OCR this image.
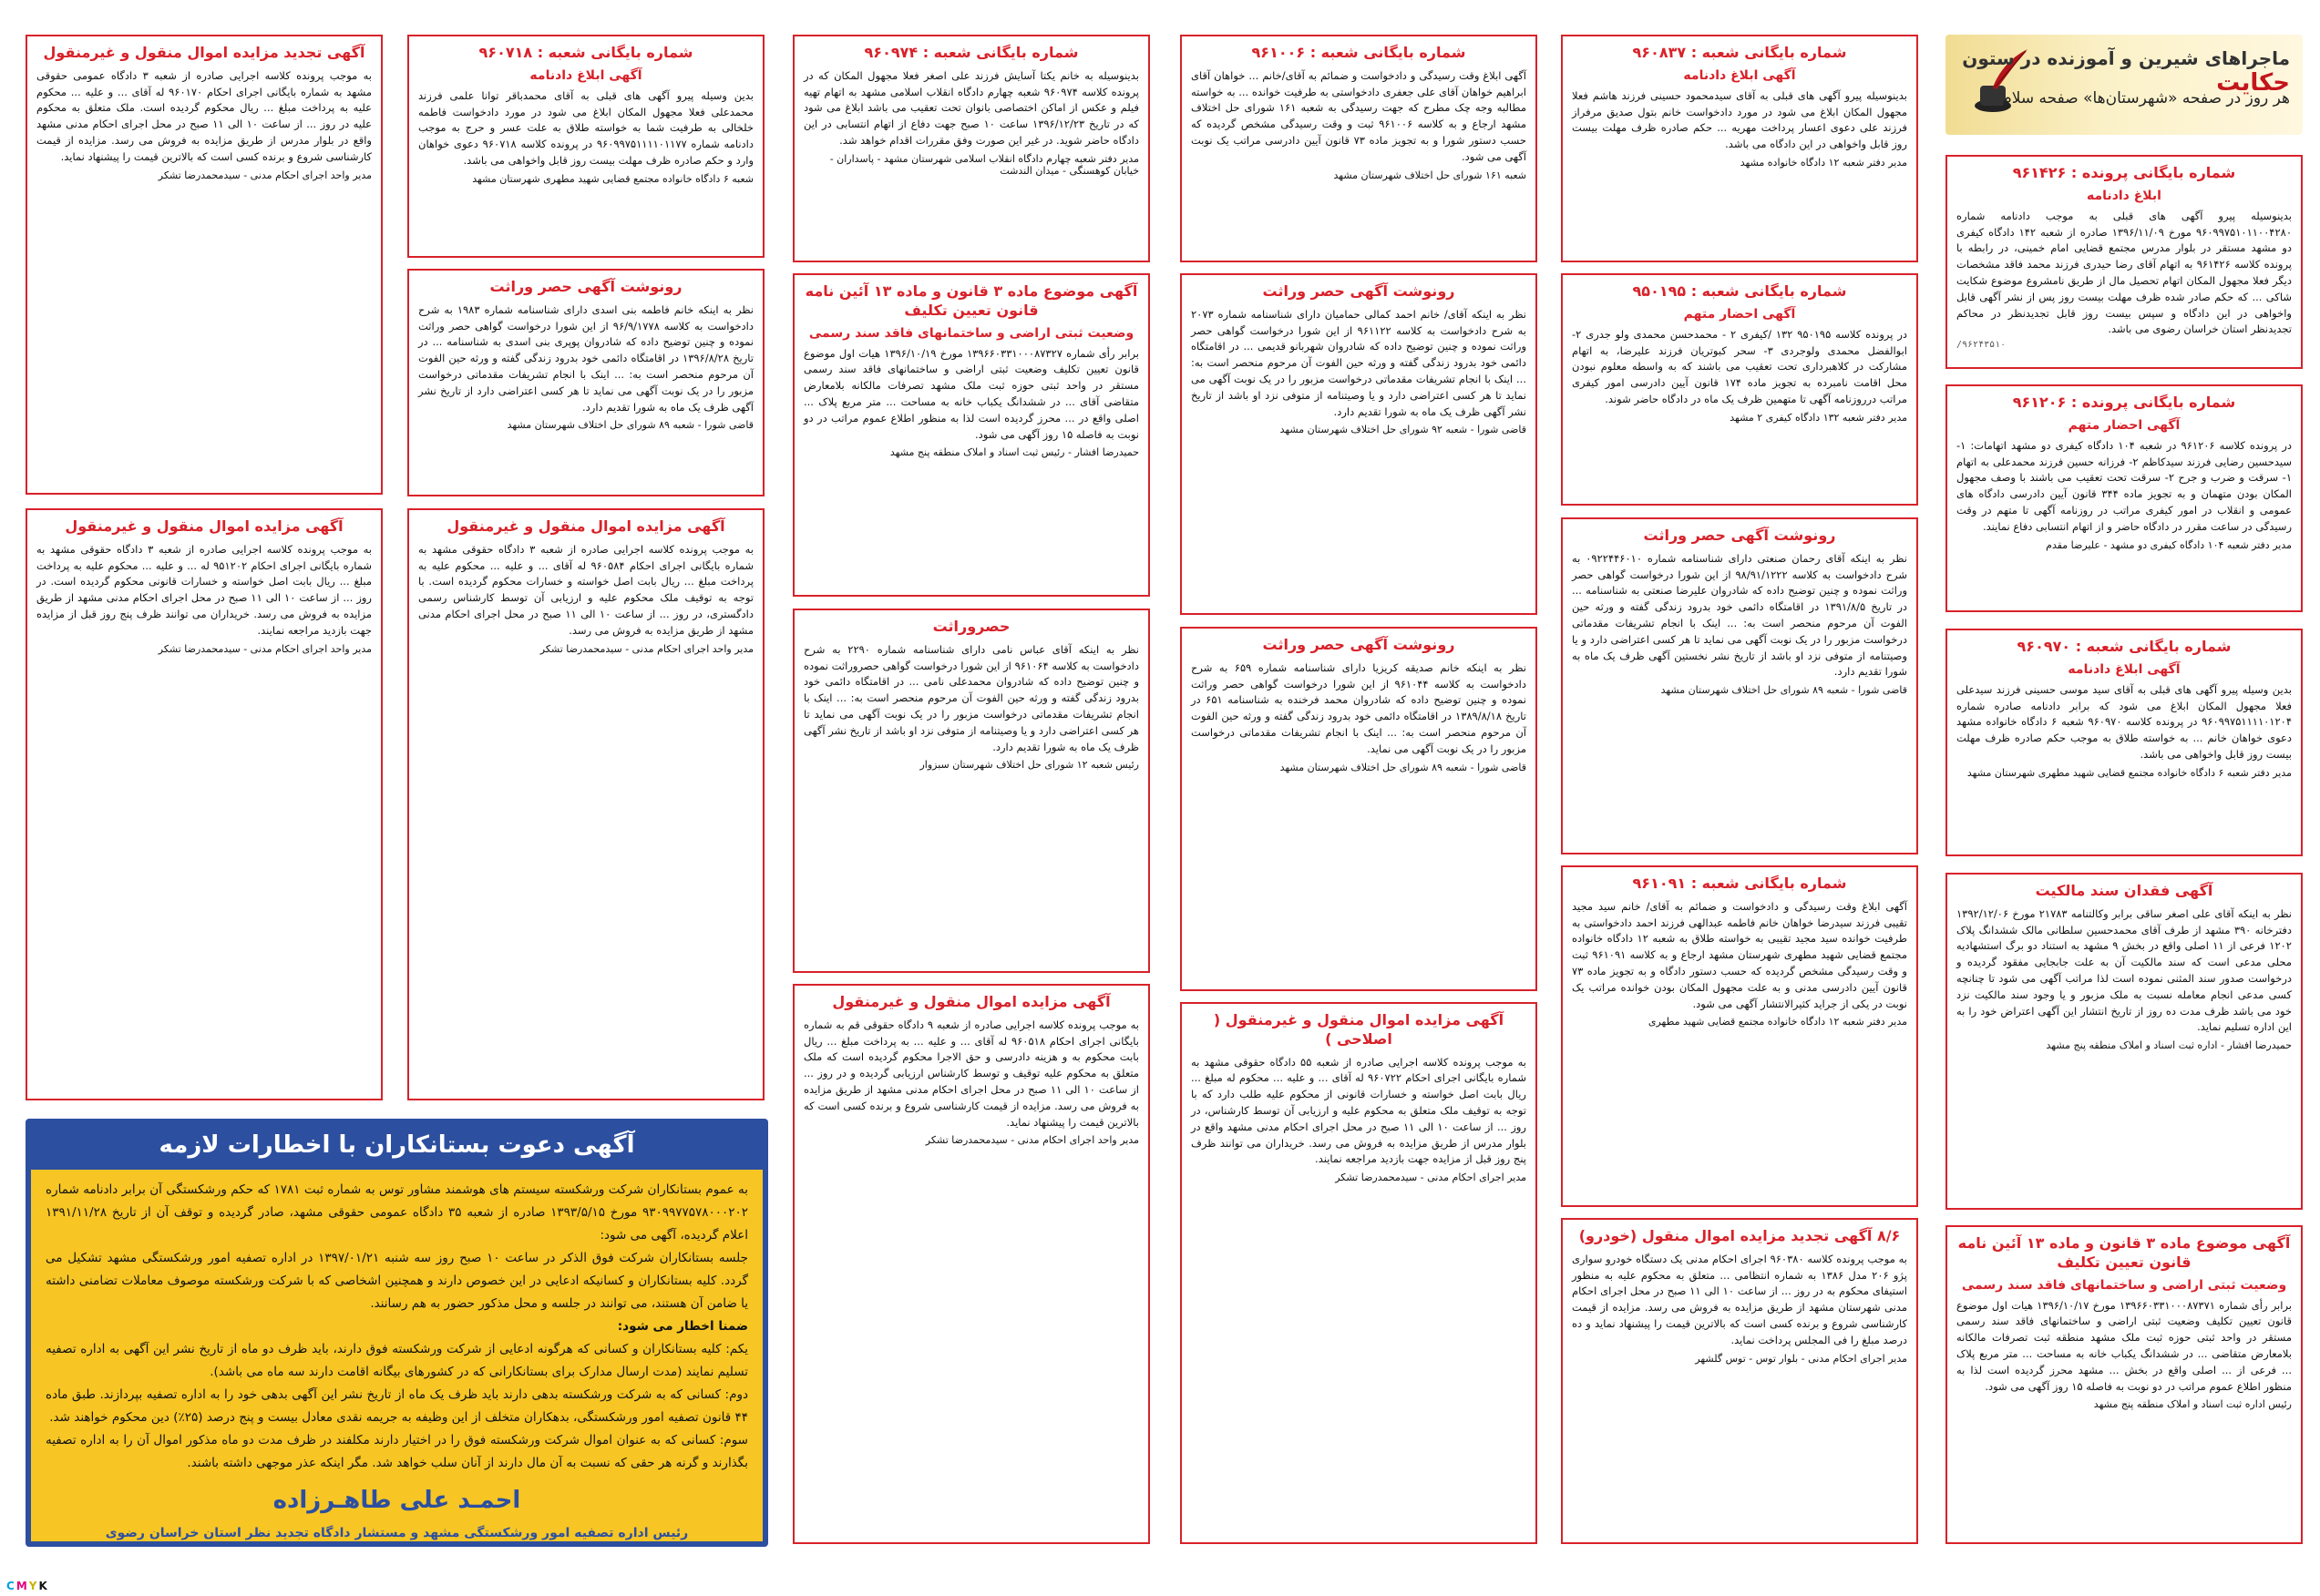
ماجراهای شیرین و آموزنده در ستون حکایت
هر روز در صفحه «شهرستان‌ها» صفحه سلام
شماره بایگانی پرونده : ۹۶۱۴۲۶
ابلاغ دادنامه
بدینوسیله پیرو آگهی های قبلی به موجب دادنامه شماره ۹۶۰۹۹۷۵۱۰۱۱۰۰۴۲۸۰ مورخ ۱۳۹۶/۱۱/۰۹ صادره از شعبه ۱۴۲ دادگاه کیفری دو مشهد مستقر در بلوار مدرس مجتمع قضایی امام خمینی، در رابطه با پرونده کلاسه ۹۶۱۴۲۶ به اتهام آقای رضا حیدری فرزند محمد فاقد مشخصات دیگر فعلا مجهول المکان اتهام تحصیل مال از طریق نامشروع موضوع شکایت شاکی ... که حکم صادر شده ظرف مهلت بیست روز پس از نشر آگهی قابل واخواهی در این دادگاه و سپس بیست روز قابل تجدیدنظر در محاکم تجدیدنظر استان خراسان رضوی می باشد.
/۹۶۲۴۳۵۱۰
شماره بایگانی پرونده : ۹۶۱۲۰۶
آگهی احضار متهم
در پرونده کلاسه ۹۶۱۲۰۶ در شعبه ۱۰۴ دادگاه کیفری دو مشهد اتهامات: ۱- سیدحسین رضایی فرزند سیدکاظم ۲- فرزانه حسین فرزند محمدعلی به اتهام ۱- سرقت و ضرب و جرح ۲- سرقت تحت تعقیب می باشند با وصف مجهول المکان بودن متهمان و به تجویز ماده ۳۴۴ قانون آیین دادرسی دادگاه های عمومی و انقلاب در امور کیفری مراتب در روزنامه آگهی تا متهم در وقت رسیدگی در ساعت مقرر در دادگاه حاضر و از اتهام انتسابی دفاع نمایند.
مدیر دفتر شعبه ۱۰۴ دادگاه کیفری دو مشهد - علیرضا مقدم
شماره بایگانی شعبه : ۹۶۰۹۷۰
آگهی ابلاغ دادنامه
بدین وسیله پیرو آگهی های قبلی به آقای سید موسی حسینی فرزند سیدعلی فعلا مجهول المکان ابلاغ می شود که برابر دادنامه صادره شماره ۹۶۰۹۹۷۵۱۱۱۱۰۱۲۰۴ در پرونده کلاسه ۹۶۰۹۷۰ شعبه ۶ دادگاه خانواده مشهد دعوی خواهان خانم ... به خواسته طلاق به موجب حکم صادره ظرف مهلت بیست روز قابل واخواهی می باشد.
مدیر دفتر شعبه ۶ دادگاه خانواده مجتمع قضایی شهید مطهری شهرستان مشهد
آگهی فقدان سند مالکیت
نظر به اینکه آقای علی اصغر ساقی برابر وکالتنامه ۲۱۷۸۳ مورخ ۱۳۹۲/۱۲/۰۶ دفترخانه ۳۹۰ مشهد از طرف آقای محمدحسین سلطانی مالک ششدانگ پلاک ۱۲۰۲ فرعی از ۱۱ اصلی واقع در بخش ۹ مشهد به استناد دو برگ استشهادیه محلی مدعی است که سند مالکیت آن به علت جابجایی مفقود گردیده و درخواست صدور سند المثنی نموده است لذا مراتب آگهی می شود تا چنانچه کسی مدعی انجام معامله نسبت به ملک مزبور و یا وجود سند مالکیت نزد خود می باشد ظرف مدت ده روز از تاریخ انتشار این آگهی اعتراض خود را به این اداره تسلیم نماید.
حمیدرضا افشار - اداره ثبت اسناد و املاک منطقه پنج مشهد
آگهی موضوع ماده ۳ قانون و ماده ۱۳ آئین نامه قانون تعیین تکلیف
وضعیت ثبتی اراضی و ساختمانهای فاقد سند رسمی
برابر رأی شماره ۱۳۹۶۶۰۳۳۱۰۰۰۸۷۳۷۱ مورخ ۱۳۹۶/۱۰/۱۷ هیات اول موضوع قانون تعیین تکلیف وضعیت ثبتی اراضی و ساختمانهای فاقد سند رسمی مستقر در واحد ثبتی حوزه ثبت ملک مشهد منطقه ثبت تصرفات مالکانه بلامعارض متقاضی ... در ششدانگ یکباب خانه به مساحت ... متر مربع پلاک ... فرعی از ... اصلی واقع در بخش ... مشهد محرز گردیده است لذا به منظور اطلاع عموم مراتب در دو نوبت به فاصله ۱۵ روز آگهی می شود.
رئیس اداره ثبت اسناد و املاک منطقه پنج مشهد
شماره بایگانی شعبه : ۹۶۰۸۳۷
آگهی ابلاغ دادنامه
بدینوسیله پیرو آگهی های قبلی به آقای سیدمحمود حسینی فرزند هاشم فعلا مجهول المکان ابلاغ می شود در مورد دادخواست خانم بتول صدیق مرفراز فرزند علی دعوی اعسار پرداخت مهریه ... حکم صادره ظرف مهلت بیست روز قابل واخواهی در این دادگاه می باشد.
مدیر دفتر شعبه ۱۲ دادگاه خانواده مشهد
شماره بایگانی شعبه : ۹۵۰۱۹۵
آگهی احضار متهم
در پرونده کلاسه ۹۵۰۱۹۵ ۱۳۲ /کیفری ۲ - محمدحسن محمدی ولو جدری ۲- ابوالفضل محمدی ولوجردی ۳- سحر کبوتریان فرزند علیرضا، به اتهام مشارکت در کلاهبرداری تحت تعقیب می باشند که به واسطه معلوم نبودن محل اقامت نامبرده به تجویز ماده ۱۷۴ قانون آیین دادرسی امور کیفری مراتب درروزنامه آگهی تا متهمین ظرف یک ماه در دادگاه حاضر شوند.
مدیر دفتر شعبه ۱۳۲ دادگاه کیفری ۲ مشهد
رونوشت آگهی حصر وراثت
نظر به اینکه آقای رحمان صنعتی دارای شناسنامه شماره ۰۹۲۲۴۴۶۰۱۰ به شرح دادخواست به کلاسه ۹۸/۹۱/۱۲۲۲ از این شورا درخواست گواهی حصر وراثت نموده و چنین توضیح داده که شادروان علیرضا صنعتی به شناسنامه ... در تاریخ ۱۳۹۱/۸/۵ در اقامتگاه دائمی خود بدرود زندگی گفته و ورثه حین الفوت آن مرحوم منحصر است به: ... اینک با انجام تشریفات مقدماتی درخواست مزبور را در یک نوبت آگهی می نماید تا هر کسی اعتراضی دارد و یا وصیتنامه از متوفی نزد او باشد از تاریخ نشر نخستین آگهی ظرف یک ماه به شورا تقدیم دارد.
قاضی شورا - شعبه ۸۹ شورای حل اختلاف شهرستان مشهد
شماره بایگانی شعبه : ۹۶۱۰۹۱
آگهی ابلاغ وقت رسیدگی و دادخواست و ضمائم به آقای/ خانم سید مجید تقیبی فرزند سیدرضا خواهان خانم فاطمه عبدالهی فرزند احمد دادخواستی به طرفیت خوانده سید مجید تقیبی به خواسته طلاق به شعبه ۱۲ دادگاه خانواده مجتمع قضایی شهید مطهری شهرستان مشهد ارجاع و به کلاسه ۹۶۱۰۹۱ ثبت و وقت رسیدگی مشخص گردیده که حسب دستور دادگاه و به تجویز ماده ۷۳ قانون آیین دادرسی مدنی و به علت مجهول المکان بودن خوانده مراتب یک نوبت در یکی از جراید کثیرالانتشار آگهی می شود.
مدیر دفتر شعبه ۱۲ دادگاه خانواده مجتمع قضایی شهید مطهری
۸/۶ آگهی تجدید مزایده اموال منقول (خودرو)
به موجب پرونده کلاسه ۹۶۰۳۸۰ اجرای احکام مدنی یک دستگاه خودرو سواری پژو ۲۰۶ مدل ۱۳۸۶ به شماره انتظامی ... متعلق به محکوم علیه به منظور استیفای محکوم به در روز ... از ساعت ۱۰ الی ۱۱ صبح در محل اجرای احکام مدنی شهرستان مشهد از طریق مزایده به فروش می رسد. مزایده از قیمت کارشناسی شروع و برنده کسی است که بالاترین قیمت را پیشنهاد نماید و ده درصد مبلغ را فی المجلس پرداخت نماید.
مدیر اجرای احکام مدنی - بلوار توس - توس گلشهر
شماره بایگانی شعبه : ۹۶۱۰۰۶
آگهی ابلاغ وقت رسیدگی و دادخواست و ضمائم به آقای/خانم ... خواهان آقای ابراهیم خواهان آقای علی جعفری دادخواستی به طرفیت خوانده ... به خواسته مطالبه وجه چک مطرح که جهت رسیدگی به شعبه ۱۶۱ شورای حل اختلاف مشهد ارجاع و به کلاسه ۹۶۱۰۰۶ ثبت و وقت رسیدگی مشخص گردیده که حسب دستور شورا و به تجویز ماده ۷۳ قانون آیین دادرسی مراتب یک نوبت آگهی می شود.
شعبه ۱۶۱ شورای حل اختلاف شهرستان مشهد
رونوشت آگهی حصر وراثت
نظر به اینکه آقای/ خانم احمد کمالی حمامیان دارای شناسنامه شماره ۲۰۷۳ به شرح دادخواست به کلاسه ۹۶۱۱۲۲ از این شورا درخواست گواهی حصر وراثت نموده و چنین توضیح داده که شادروان شهربانو قدیمی ... در اقامتگاه دائمی خود بدرود زندگی گفته و ورثه حین الفوت آن مرحوم منحصر است به: ... اینک با انجام تشریفات مقدماتی درخواست مزبور را در یک نوبت آگهی می نماید تا هر کسی اعتراضی دارد و یا وصیتنامه از متوفی نزد او باشد از تاریخ نشر آگهی ظرف یک ماه به شورا تقدیم دارد.
قاضی شورا - شعبه ۹۲ شورای حل اختلاف شهرستان مشهد
رونوشت آگهی حصر وراثت
نظر به اینکه خانم صدیقه کریزیا دارای شناسنامه شماره ۶۵۹ به شرح دادخواست به کلاسه ۹۶۱۰۴۴ از این شورا درخواست گواهی حصر وراثت نموده و چنین توضیح داده که شادروان محمد فرخنده به شناسنامه ۶۵۱ در تاریخ ۱۳۸۹/۸/۱۸ در اقامتگاه دائمی خود بدرود زندگی گفته و ورثه حین الفوت آن مرحوم منحصر است به: ... اینک با انجام تشریفات مقدماتی درخواست مزبور را در یک نوبت آگهی می نماید.
قاضی شورا - شعبه ۸۹ شورای حل اختلاف شهرستان مشهد
آگهی مزایده اموال منقول و غیرمنقول ( اصلاحی )
به موجب پرونده کلاسه اجرایی صادره از شعبه ۵۵ دادگاه حقوقی مشهد به شماره بایگانی اجرای احکام ۹۶۰۷۲۲ له آقای ... و علیه ... محکوم له مبلغ ... ریال بابت اصل خواسته و خسارات قانونی از محکوم علیه طلب دارد که با توجه به توقیف ملک متعلق به محکوم علیه و ارزیابی آن توسط کارشناس، در روز ... از ساعت ۱۰ الی ۱۱ صبح در محل اجرای احکام مدنی مشهد واقع در بلوار مدرس از طریق مزایده به فروش می رسد. خریداران می توانند ظرف پنج روز قبل از مزایده جهت بازدید مراجعه نمایند.
مدیر اجرای احکام مدنی - سیدمحمدرضا تشکر
شماره بایگانی شعبه : ۹۶۰۹۷۴
بدینوسیله به خانم یکتا آسایش فرزند علی اصغر فعلا مجهول المکان که در پرونده کلاسه ۹۶۰۹۷۴ شعبه چهارم دادگاه انقلاب اسلامی مشهد به اتهام تهیه فیلم و عکس از اماکن اختصاصی بانوان تحت تعقیب می باشد ابلاغ می شود که در تاریخ ۱۳۹۶/۱۲/۲۳ ساعت ۱۰ صبح جهت دفاع از اتهام انتسابی در این دادگاه حاضر شوید. در غیر این صورت وفق مقررات اقدام خواهد شد.
مدیر دفتر شعبه چهارم دادگاه انقلاب اسلامی شهرستان مشهد - پاسداران - خیابان کوهسنگی - میدان الندشت
آگهی موضوع ماده ۳ قانون و ماده ۱۳ آئین نامه قانون تعیین تکلیف
وضعیت ثبتی اراضی و ساختمانهای فاقد سند رسمی
برابر رأی شماره ۱۳۹۶۶۰۳۳۱۰۰۰۸۷۳۲۷ مورخ ۱۳۹۶/۱۰/۱۹ هیات اول موضوع قانون تعیین تکلیف وضعیت ثبتی اراضی و ساختمانهای فاقد سند رسمی مستقر در واحد ثبتی حوزه ثبت ملک مشهد تصرفات مالکانه بلامعارض متقاضی آقای ... در ششدانگ یکباب خانه به مساحت ... متر مربع پلاک ... اصلی واقع در ... محرز گردیده است لذا به منظور اطلاع عموم مراتب در دو نوبت به فاصله ۱۵ روز آگهی می شود.
حمیدرضا افشار - رئیس ثبت اسناد و املاک منطقه پنج مشهد
حصروراثت
نظر به اینکه آقای عباس نامی دارای شناسنامه شماره ۲۲۹۰ به شرح دادخواست به کلاسه ۹۶۱۰۶۴ از این شورا درخواست گواهی حصروراثت نموده و چنین توضیح داده که شادروان محمدعلی نامی ... در اقامتگاه دائمی خود بدرود زندگی گفته و ورثه حین الفوت آن مرحوم منحصر است به: ... اینک با انجام تشریفات مقدماتی درخواست مزبور را در یک نوبت آگهی می نماید تا هر کسی اعتراضی دارد و یا وصیتنامه از متوفی نزد او باشد از تاریخ نشر آگهی ظرف یک ماه به شورا تقدیم دارد.
رئیس شعبه ۱۲ شورای حل اختلاف شهرستان سبزوار
آگهی مزایده اموال منقول و غیرمنقول
به موجب پرونده کلاسه اجرایی صادره از شعبه ۹ دادگاه حقوقی قم به شماره بایگانی اجرای احکام ۹۶۰۵۱۸ له آقای ... و علیه ... به پرداخت مبلغ ... ریال بابت محکوم به و هزینه دادرسی و حق الاجرا محکوم گردیده است که ملک متعلق به محکوم علیه توقیف و توسط کارشناس ارزیابی گردیده و در روز ... از ساعت ۱۰ الی ۱۱ صبح در محل اجرای احکام مدنی مشهد از طریق مزایده به فروش می رسد. مزایده از قیمت کارشناسی شروع و برنده کسی است که بالاترین قیمت را پیشنهاد نماید.
مدیر واحد اجرای احکام مدنی - سیدمحمدرضا تشکر
شماره بایگانی شعبه : ۹۶۰۷۱۸
آگهی ابلاغ دادنامه
بدین وسیله پیرو آگهی های قبلی به آقای محمدباقر توانا علمی فرزند محمدعلی فعلا مجهول المکان ابلاغ می شود در مورد دادخواست فاطمه خلخالی به طرفیت شما به خواسته طلاق به علت عسر و حرج به موجب دادنامه شماره ۹۶۰۹۹۷۵۱۱۱۱۰۱۱۷۷ در پرونده کلاسه ۹۶۰۷۱۸ دعوی خواهان وارد و حکم صادره ظرف مهلت بیست روز قابل واخواهی می باشد.
شعبه ۶ دادگاه خانواده مجتمع قضایی شهید مطهری شهرستان مشهد
رونوشت آگهی حصر وراثت
نظر به اینکه خانم فاطمه بنی اسدی دارای شناسنامه شماره ۱۹۸۳ به شرح دادخواست به کلاسه ۹۶/۹/۱۷۷۸ از این شورا درخواست گواهی حصر وراثت نموده و چنین توضیح داده که شادروان پوپری بنی اسدی به شناسنامه ... در تاریخ ۱۳۹۶/۸/۲۸ در اقامتگاه دائمی خود بدرود زندگی گفته و ورثه حین الفوت آن مرحوم منحصر است به: ... اینک با انجام تشریفات مقدماتی درخواست مزبور را در یک نوبت آگهی می نماید تا هر کسی اعتراضی دارد از تاریخ نشر آگهی ظرف یک ماه به شورا تقدیم دارد.
قاضی شورا - شعبه ۸۹ شورای حل اختلاف شهرستان مشهد
آگهی مزایده اموال منقول و غیرمنقول
به موجب پرونده کلاسه اجرایی صادره از شعبه ۳ دادگاه حقوقی مشهد به شماره بایگانی اجرای احکام ۹۶۰۵۸۴ له آقای ... و علیه ... محکوم علیه به پرداخت مبلغ ... ریال بابت اصل خواسته و خسارات محکوم گردیده است. با توجه به توقیف ملک محکوم علیه و ارزیابی آن توسط کارشناس رسمی دادگستری، در روز ... از ساعت ۱۰ الی ۱۱ صبح در محل اجرای احکام مدنی مشهد از طریق مزایده به فروش می رسد.
مدیر واحد اجرای احکام مدنی - سیدمحمدرضا تشکر
آگهی تجدید مزایده اموال منقول و غیرمنقول
به موجب پرونده کلاسه اجرایی صادره از شعبه ۳ دادگاه عمومی حقوقی مشهد به شماره بایگانی اجرای احکام ۹۶۰۱۷۰ له آقای ... و علیه ... محکوم علیه به پرداخت مبلغ ... ریال محکوم گردیده است. ملک متعلق به محکوم علیه در روز ... از ساعت ۱۰ الی ۱۱ صبح در محل اجرای احکام مدنی مشهد واقع در بلوار مدرس از طریق مزایده به فروش می رسد. مزایده از قیمت کارشناسی شروع و برنده کسی است که بالاترین قیمت را پیشنهاد نماید.
مدیر واحد اجرای احکام مدنی - سیدمحمدرضا تشکر
آگهی مزایده اموال منقول و غیرمنقول
به موجب پرونده کلاسه اجرایی صادره از شعبه ۳ دادگاه حقوقی مشهد به شماره بایگانی اجرای احکام ۹۵۱۲۰۲ له ... و علیه ... محکوم علیه به پرداخت مبلغ ... ریال بابت اصل خواسته و خسارات قانونی محکوم گردیده است. در روز ... از ساعت ۱۰ الی ۱۱ صبح در محل اجرای احکام مدنی مشهد از طریق مزایده به فروش می رسد. خریداران می توانند ظرف پنج روز قبل از مزایده جهت بازدید مراجعه نمایند.
مدیر واحد اجرای احکام مدنی - سیدمحمدرضا تشکر
آگهی دعوت بستانکاران با اخطارات لازمه
به عموم بستانکاران شرکت ورشکسته سیستم های هوشمند مشاور توس به شماره ثبت ۱۷۸۱ که حکم ورشکستگی آن برابر دادنامه شماره ۹۳۰۹۹۷۷۵۷۸۰۰۰۲۰۲ مورخ ۱۳۹۳/۵/۱۵ صادره از شعبه ۳۵ دادگاه عمومی حقوقی مشهد، صادر گردیده و توقف آن از تاریخ ۱۳۹۱/۱۱/۲۸ اعلام گردیده، آگهی می شود:
جلسه بستانکاران شرکت فوق الذکر در ساعت ۱۰ صبح روز سه شنبه ۱۳۹۷/۰۱/۲۱ در اداره تصفیه امور ورشکستگی مشهد تشکیل می گردد. کلیه بستانکاران و کسانیکه ادعایی در این خصوص دارند و همچنین اشخاصی که با شرکت ورشکسته موصوف معاملات تضامنی داشته یا ضامن آن هستند، می توانند در جلسه و محل مذکور حضور به هم رسانند.
ضمنا اخطار می شود:
یکم: کلیه بستانکاران و کسانی که هرگونه ادعایی از شرکت ورشکسته فوق دارند، باید ظرف دو ماه از تاریخ نشر این آگهی به اداره تصفیه تسلیم نمایند (مدت ارسال مدارک برای بستانکارانی که در کشورهای بیگانه اقامت دارند سه ماه می باشد).
دوم: کسانی که به شرکت ورشکسته بدهی دارند باید ظرف یک ماه از تاریخ نشر این آگهی بدهی خود را به اداره تصفیه بپردازند. طبق ماده ۴۴ قانون تصفیه امور ورشکستگی، بدهکاران متخلف از این وظیفه به جریمه نقدی معادل بیست و پنج درصد (۲۵٪) دین محکوم خواهند شد.
سوم: کسانی که به عنوان اموال شرکت ورشکسته فوق را در اختیار دارند مکلفند در ظرف مدت دو ماه مذکور اموال آن را به اداره تصفیه بگذارند و گرنه هر حقی که نسبت به آن مال دارند از آنان سلب خواهد شد. مگر اینکه عذر موجهی داشته باشند.
احمـد علی طاهـرزاده
رئیس اداره تصفیه امور ورشکستگی مشهد و مستشار دادگاه تجدید نظر استان خراسان رضوی
C M Y K
